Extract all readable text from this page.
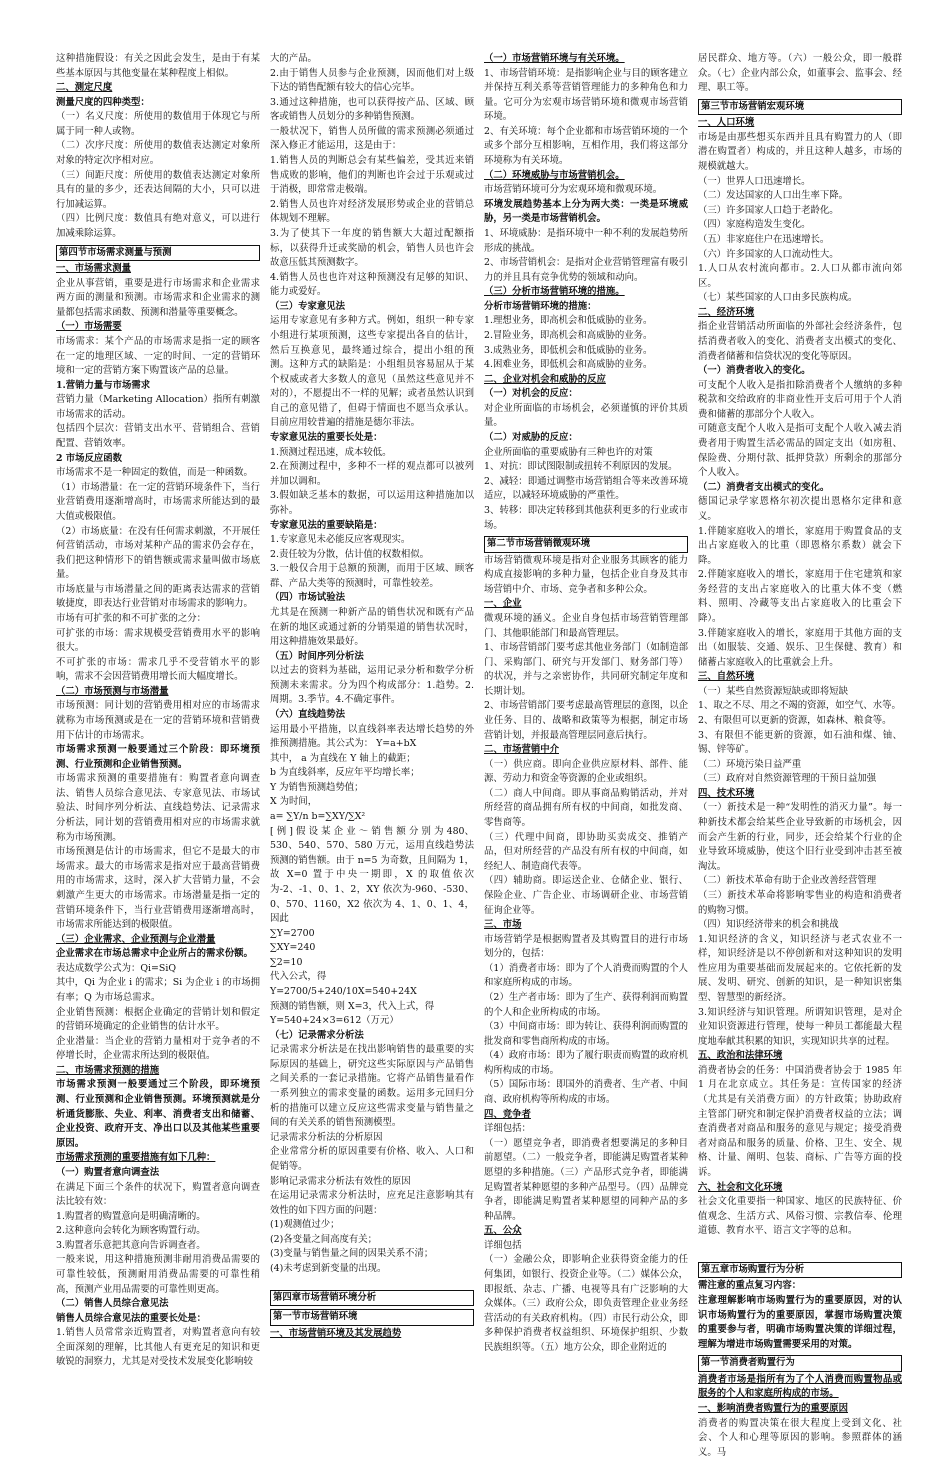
这种措施假设：有关之因此会发生，是由于有某些基本原因与其他变量在某种程度上相似。

二、测定尺度

测量尺度的四种类型：

（一）名义尺度：所使用的数值用于体现它与所属于同一种人或物。

（二）次序尺度：所使用的数值表达测定对象所对象的特定次序相对应。

（三）间距尺度：所使用的数值表达测定对象所具有的量的多少，还表达间隔的大小，只可以进行加减运算。

（四）比例尺度：数值具有绝对意义，可以进行加减乘除运算。

第四节市场需求测量与预测

一、市场需求测量

企业从事营销，重要是进行市场需求和企业需求两方面的测量和预测。市场需求和企业需求的测量都包括需求函数、预测和潜量等重要概念。

（一）市场需要

市场需求：某个产品的市场需求是指一定的顾客在一定的地理区域、一定的时间、一定的营销环境和一定的营销方案下购置该产品的总量。

1.营销力量与市场需求

营销力量（Marketing Allocation）指所有刺激市场需求的活动。

包括四个层次：营销支出水平、营销组合、营销配置、营销效率。

2 市场反应函数

市场需求不是一种固定的数值，而是一种函数。

（1）市场潜量：在一定的营销环境条件下，当行业营销费用逐渐增高时，市场需求所能达到的最大值或极限值。

（2）市场底量：在没有任何需求刺激，不开展任何营销活动，市场对某种产品的需求仍会存在，我们把这种情形下的销售额或需求量叫做市场底量。

市场底量与市场潜量之间的距离表达需求的营销敏捷度，即表达行业营销对市场需求的影响力。

市场有可扩张的和不可扩张的之分：

可扩张的市场：需求规模受营销费用水平的影响很大。

不可扩张的市场：需求几乎不受营销水平的影响，需求不会因营销费用增长而大幅度增长。

（二）市场预测与市场潜量

市场预测：同计划的营销费用相对应的市场需求就称为市场预测或是在一定的营销环境和营销费用下估计的市场需求。

市场需求预测一般要通过三个阶段：即环境预测、行业预测和企业销售预测。

市场需求预测的重要措施有：购置者意向调查法、销售人员综合意见法、专家意见法、市场试验法、时间序列分析法、直线趋势法、记录需求分析法，同计划的营销费用相对应的市场需求就称为市场预测。

市场预测是估计的市场需求，但它不是最大的市场需求。最大的市场需求是指对应于最高营销费用的市场需求，这时，深入扩大营销力量，不会刺激产生更大的市场需求。市场潜量是指一定的营销环境条件下，当行业营销费用逐渐增高时，市场需求所能达到的极限值。

（三）企业需求、企业预测与企业潜量

企业需求在市场总需求中企业所占的需求份额。

表达成数学公式为：Qi=SiQ

其中，Qi 为企业 i 的需求；Si 为企业 i 的市场拥有率；Q 为市场总需求。

企业销售预测：根据企业确定的营销计划和假定的营销环境确定的企业销售的估计水平。

企业潜量：当企业的营销力量相对于竞争者的不停增长时，企业需求所达到的极限值。

二、市场需求预测的措施

市场需求预测一般要通过三个阶段，即环境预测、行业预测和企业销售预测。环境预测就是分析通货膨胀、失业、利率、消费者支出和储蓄、企业投资、政府开支、净出口以及其他某些重要原因。

市场需求预测的重要措施有如下几种：

（一）购置者意向调查法

在满足下面三个条件的状况下，购置者意向调查法比较有效：

1.购置者的购置意向是明确清晰的。

2.这种意向会转化为顾客购置行动。

3.购置者乐意把其意向告诉调查者。

一般来说，用这种措施预测非耐用消费品需要的可靠性较低，预测耐用消费品需要的可靠性稍高，预测产业用品需要的可靠性则更高。

（二）销售人员综合意见法

销售人员综合意见法的重要长处是：

1.销售人员常常亲近购置者，对购置者意向有较全面深刻的理解，比其他人有更充足的知识和更敏锐的洞察力，尤其是对受技术发展变化影响较

大的产品。

2.由于销售人员参与企业预测，因而他们对上级下达的销售配额有较大的信心完毕。

3.通过这种措施，也可以获得按产品、区域、顾客或销售人员划分的多种销售预测。

一般状况下，销售人员所做的需求预测必须通过深入修正才能运用，这是由于：

1.销售人员的判断总会有某些偏差，受其近来销售成败的影响，他们的判断也许会过于乐观或过于消极，即常常走极端。

2.销售人员也许对经济发展形势或企业的营销总体规划不理解。

3.为了使其下一年度的销售额大大超过配额指标，以获得升迁或奖励的机会，销售人员也许会故意压低其预测数字。

4.销售人员也也许对这种预测没有足够的知识、能力或爱好。

（三）专家意见法

运用专家意见有多种方式。例如，组织一种专家小组进行某项预测，这些专家提出各自的估计，然后互换意见，最终通过综合，提出小组的预测。这种方式的缺陷是：小组组员容易屈从于某个权威或者大多数人的意见（虽然这些意见并不对的），不愿提出不一样的见解；或者虽然认识到自己的意见错了，但碍于情面也不愿当众承认。目前应用较普遍的措施是德尔菲法。

专家意见法的重要长处是：

1.预测过程迅速，成本较低。

2.在预测过程中，多种不一样的观点都可以被列并加以调和。

3.假如缺乏基本的数据，可以运用这种措施加以弥补。

专家意见法的重要缺陷是：

1.专家意见未必能反应客观现实。

2.责任较为分散，估计值的权数相似。

3.一般仅合用于总额的预测，而用于区域、顾客群、产品大类等的预测时，可靠性较差。

（四）市场试验法

尤其是在预测一种新产品的销售状况和既有产品在新的地区或通过新的分销渠道的销售状况时，用这种措施效果最好。

（五）时间序列分析法

以过去的资料为基础，运用记录分析和数学分析预测未来需求。分为四个构成部分：1.趋势。2.周期。3.季节。4.不确定事件。

（六）直线趋势法

运用最小平措施，以直线斜率表达增长趋势的外推预测措施。其公式为： Y=a+bX

其中， a 为直线在 Y 轴上的截距；

b 为直线斜率，反应年平均增长率；

Y 为销售预测趋势值；

X 为时间，

a= ∑Y/n b=∑XY/∑X²

[ 例 ] 假 设 某 企 业 ～ 销 售 额 分 别 为 480、530、540、570、580 万元，运用直线趋势法预测的销售额。由于 n=5 为奇数，且间隔为 1，故 X=0 置于中央一期即，X 的取值依次为-2、-1、0、1、2，XY 依次为-960、-530、0、570、1160，X2 依次为 4、1、0、1、4，因此

∑Y=2700

∑XY=240

∑2=10

代入公式，得

Y=2700/5+240/10X=540+24X

预测的销售额，则 X=3，代入上式，得

Y=540+24×3=612（万元）

（七）记录需求分析法

记录需求分析法是在找出影响销售的最重要的实际原因的基础上，研究这些实际原因与产品销售之间关系的一套记录措施。它将产品销售量看作一系列独立的需求变量的函数。运用多元回归分析的措施可以建立反应这些需求变量与销售量之间的有关关系的销售预测模型。

记录需求分析法的分析原因

企业常常分析的原因重要有价格、收入、人口和促销等。

影响记录需求分析法有效性的原因

在运用记录需求分析法时，应充足注意影响其有效性的如下四方面的问题：

(1)观测值过少；

(2)各变量之间高度有关；

(3)变量与销售量之间的因果关系不清；

(4)未考虑到新变量的出现。

第四章市场营销环境分析
第一节市场营销环境

一、市场营销环境及其发展趋势

（一）市场营销环境与有关环境。

1、市场营销环境：是指影响企业与目的顾客建立并保持互利关系等营销管理能力的多种角色和力量。它可分为宏观市场营销环境和微观市场营销环境。

2、有关环境：每个企业都和市场营销环境的一个或多个部分互相影响，互相作用，我们将这部分环境称为有关环境。

（二）环境威胁与市场营销机会。

市场营销环境可分为宏观环境和微观环境。

环境发展趋势基本上分为两大类：一类是环境威胁，另一类是市场营销机会。

1、环境威胁：是指环境中一种不利的发展趋势所形成的挑战。

2、市场营销机会：是指对企业营销管理富有吸引力的并且具有竞争优势的领域和动向。

（三）分析市场营销环境的措施。

分析市场营销环境的措施：

1.理想业务，即高机会和低威胁的业务。

2.冒险业务，即高机会和高威胁的业务。

3.成熟业务，即低机会和低威胁的业务。

4.困难业务，即低机会和高威胁的业务。

二、企业对机会和威胁的反应

（一）对机会的反应：

对企业所面临的市场机会，必须谨慎的评价其质量。

（二）对威胁的反应：

企业所面临的重要威胁有三种也许的对策

1、对抗：即试图限制或扭转不利原因的发展。

2、减轻：即通过调整市场营销组合等来改善环境适应，以减轻环境威胁的严重性。

3、转移：即决定转移到其他获利更多的行业或市场。

第二节市场营销微观环境

市场营销微观环境是指对企业服务其顾客的能力构成直接影响的多种力量，包括企业自身及其市场营销中介、市场、竞争者和多种公众。

一、企业

微观环境的涵义。企业自身包括市场营销管理部门、其他职能部门和最高管理层。

1、市场营销部门要考虑其他业务部门（如制造部门、采购部门、研究与开发部门、财务部门等）的状况，并与之亲密协作，共同研究制定年度和长期计划。

2、市场营销部门要考虑最高管理层的意图，以企业任务、目的、战略和政策等为根据，制定市场营销计划，并报最高管理层同意后执行。

二、市场营销中介

（一）供应商。即向企业供应原材料、部件、能源、劳动力和资金等资源的企业或组织。

（二）商人中间商。即从事商品购销活动，并对所经营的商品拥有所有权的中间商，如批发商、零售商等。

（三）代理中间商，即协助买卖成交、推销产品，但对所经营的产品没有所有权的中间商，如经纪人、制造商代表等。

（四）辅助商。即运送企业、仓储企业、银行、保险企业、广告企业、市场调研企业、市场营销征询企业等。

三、市场

市场营销学是根据购置者及其购置目的进行市场划分的，包括：

（1）消费者市场：即为了个人消费而购置的个人和家庭所构成的市场。

（2）生产者市场：即为了生产、获得利润而购置的个人和企业所构成的市场。

（3）中间商市场：即为转让、获得利润而购置的批发商和零售商所构成的市场。

（4）政府市场：即为了履行职责而购置的政府机构所构成的市场。

（5）国际市场：即国外的消费者、生产者、中间商、政府机构等所构成的市场。

四、竞争者

详细包括：

（一）愿望竞争者，即消费者想要满足的多种目前愿望。（二）一般竞争者，即能满足购置者某种愿望的多种措施。（三）产品形式竞争者，即能满足购置者某种愿望的多种产品型号。（四）品牌竞争者，即能满足购置者某种愿望的同种产品的多种品牌。

五、公众

详细包括

（一）金融公众，即影响企业获得资金能力的任何集团，如银行、投资企业等。（二）媒体公众，即报纸、杂志、广播、电视等具有广泛影响的大众媒体。（三）政府公众，即负责管理企业业务经营活动的有关政府机构。（四）市民行动公众，即多种保护消费者权益组织、环境保护组织、少数民族组织等。（五）地方公众，即企业附近的

居民群众、地方等。（六）一般公众，即一般群众。（七）企业内部公众，如董事会、监事会、经理、职工等。

第三节市场营销宏观环境

一、人口环境

市场是由那些想买东西并且具有购置力的人（即潜在购置者）构成的，并且这种人越多，市场的规模就越大。

（一）世界人口迅速增长。

（二）发达国家的人口出生率下降。

（三）许多国家人口趋于老龄化。

（四）家庭构造发生变化。

（五）非家庭住户在迅速增长。

（六）许多国家的人口流动性大。

1.人口从农村流向都市。2.人口从都市流向郊区。

（七）某些国家的人口由多民族构成。

二、经济环境

指企业营销活动所面临的外部社会经济条件，包括消费者收入的变化、消费者支出模式的变化、消费者储蓄和信贷状况的变化等原因。

（一）消费者收入的变化。

可支配个人收入是指扣除消费者个人缴纳的多种税款和交给政府的非商业性开支后可用于个人消费和储蓄的那部分个人收入。

可随意支配个人收入是指可支配个人收入减去消费者用于购置生活必需品的固定支出（如房租、保险费、分期付款、抵押贷款）所剩余的那部分个人收入。

（二）消费者支出模式的变化。

德国记录学家恩格尔初次提出恩格尔定律和意义。

1.伴随家庭收入的增长，家庭用于购置食品的支出占家庭收入的比重（即恩格尔系数）就会下降。

2.伴随家庭收入的增长，家庭用于住宅建筑和家务经营的支出占家庭收入的比重大体不变（燃料、照明、冷藏等支出占家庭收入的比重会下降）。

3.伴随家庭收入的增长，家庭用于其他方面的支出（如服装、交通、娱乐、卫生保健、教育）和储蓄占家庭收入的比重就会上升。

三、自然环境

（一）某些自然资源短缺或即将短缺

1、取之不尽、用之不竭的资源，如空气、水等。

2、有限但可以更新的资源，如森林、粮食等。

3、有限但不能更新的资源，如石油和煤、铀、锡、锌等矿。

（二）环境污染日益严重

（三）政府对自然资源管理的干预日益加强

四、技术环境

（一）新技术是一种“发明性的消灭力量”。每一种新技术都会给某些企业导致新的市场机会，因而会产生新的行业，同步，还会给某个行业的企业导致环境威胁，使这个旧行业受到冲击甚至被淘汰。

（二）新技术革命有助于企业改善经营管理

（三）新技术革命将影响零售业的构造和消费者的购物习惯。

（四）知识经济带来的机会和挑战

1.知识经济的含义，知识经济与老式农业不一样，知识经济是以不停创新和对这种知识的发明性应用为重要基础而发展起来的。它依托新的发展、发明、研究、创新的知识，是一种知识密集型、智慧型的新经济。

3.知识经济与知识管理。所谓知识管理，是对企业知识资源进行管理，使每一种员工都能最大程度地奉献其积累的知识，实现知识共享的过程。

五、政治和法律环境

消费者协会的任务：中国消费者协会于 1985 年 1 月在北京成立。其任务是：宣传国家的经济（尤其是有关消费方面）的方针政策；协助政府主管部门研究和制定保护消费者权益的立法；调查消费者对商品和服务的意见与规定；接受消费者对商品和服务的质量、价格、卫生、安全、规格、计量、阐明、包装、商标、广告等方面的投诉。

六、社会和文化环境

社会文化重要指一种国家、地区的民族特征、价值观念、生活方式、风俗习惯、宗教信奉、伦理道德、教育水平、语言文字等的总和。

第五章市场购置行为分析

需注意的重点复习内容：

注意理解影响市场购置行为的重要原因，对的认识市场购置行为的重要原因，掌握市场购置决策的重要参与者，明确市场购置决策的详细过程，理解为增进市场购置需要采用的对策。

第一节消费者购置行为

消费者市场是指所有为了个人消费而购置物品或服务的个人和家庭所构成的市场。

一、影响消费者购置行为的重要原因

消费者的购置决策在很大程度上受到文化、社会、个人和心理等原因的影响。参照群体的涵义。马
